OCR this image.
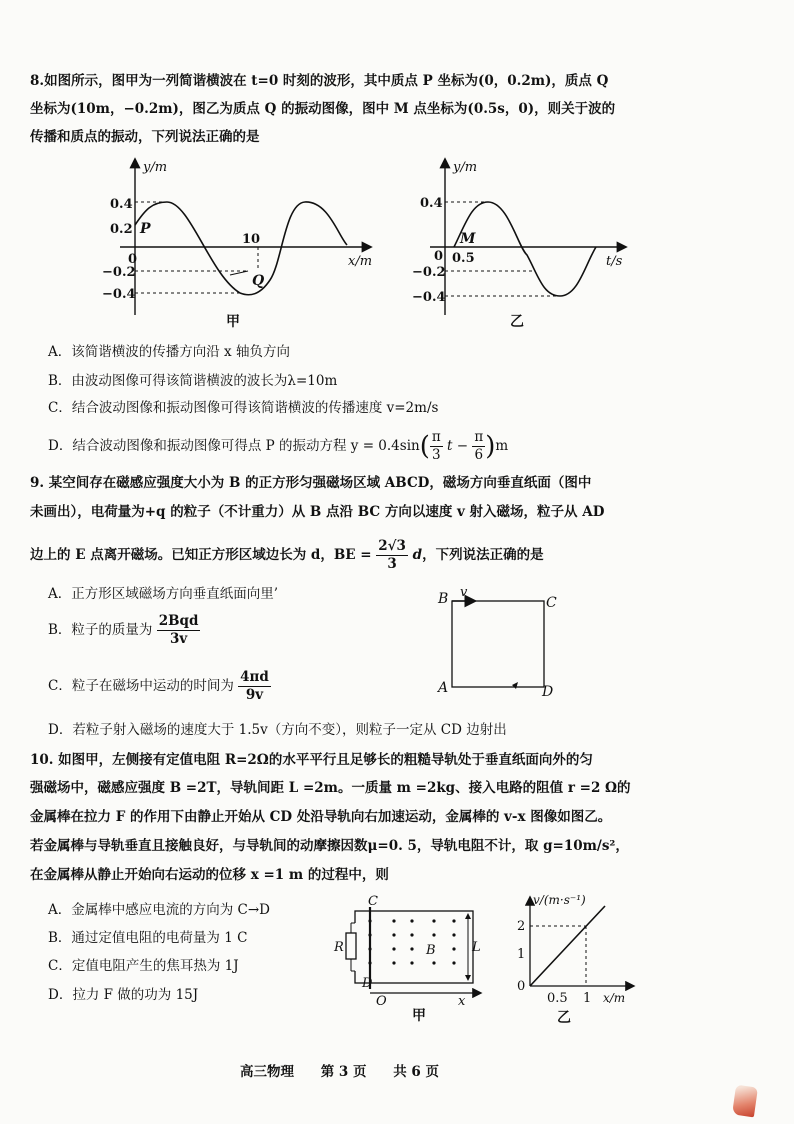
8.如图所示，图甲为一列简谐横波在 t=0 时刻的波形，其中质点 P 坐标为(0，0.2m)，质点 Q
坐标为(10m，−0.2m)，图乙为质点 Q 的振动图像，图中 M 点坐标为(0.5s，0)，则关于波的
传播和质点的振动，下列说法正确的是
y/m
x/m
0.4
0.2
0
−0.2
−0.4
10
P
Q
甲
y/m
t/s
0.4
0 0.5
−0.2
−0.4
M
乙
A．该简谐横波的传播方向沿 x 轴负方向
B．由波动图像可得该简谐横波的波长为λ=10m
C．结合波动图像和振动图像可得该简谐横波的传播速度 v=2m/s
D．结合波动图像和振动图像可得点 P 的振动方程 $y = 0.4\sin( \frac{\pi}{3}$ $t - \frac{\pi}{6} )m$
9. 某空间存在磁感应强度大小为 B 的正方形匀强磁场区域 ABCD，磁场方向垂直纸面（图中
未画出），电荷量为+q 的粒子（不计重力）从 B 点沿 BC 方向以速度 v 射入磁场，粒子从 AD
边上的 E 点离开磁场。已知正方形区域边长为 d，BE = $\frac{2√3}{3}$ d，下列说法正确的是
A．正方形区域磁场方向垂直纸面向里’
B．粒子的质量为 $\frac{\text{2Bqd}}{3v}$
C．粒子在磁场中运动的时间为 $\frac{4\pi d}{9v}$
D．若粒子射入磁场的速度大于 1.5v（方向不变），则粒子一定从 CD 边射出
B v
C
A	D
10. 如图甲，左侧接有定值电阻 R=2Ω的水平平行且足够长的粗糙导轨处于垂直纸面向外的匀
强磁场中，磁感应强度 B =2T，导轨间距 L =2m。一质量 m =2kg、接入电路的阻值 r =2 Ω的
金属棒在拉力 F 的作用下由静止开始从 CD 处沿导轨向右加速运动，金属棒的 v-x 图像如图乙。
若金属棒与导轨垂直且接触良好，与导轨间的动摩擦因数μ=0. 5，导轨电阻不计，取 g=10m/s²，
在金属棒从静止开始向右运动的位移 x =1 m 的过程中，则
A．金属棒中感应电流的方向为 C→D
B．通过定值电阻的电荷量为 1 C
C．定值电阻产生的焦耳热为 1J
D．拉力 F 做的功为 15J
C
D
R	B	L
O	x
甲
v/(m·s⁻¹)
x/m
2
1
0
0.5 1
乙
高三物理 第 3 页 共 6 页
